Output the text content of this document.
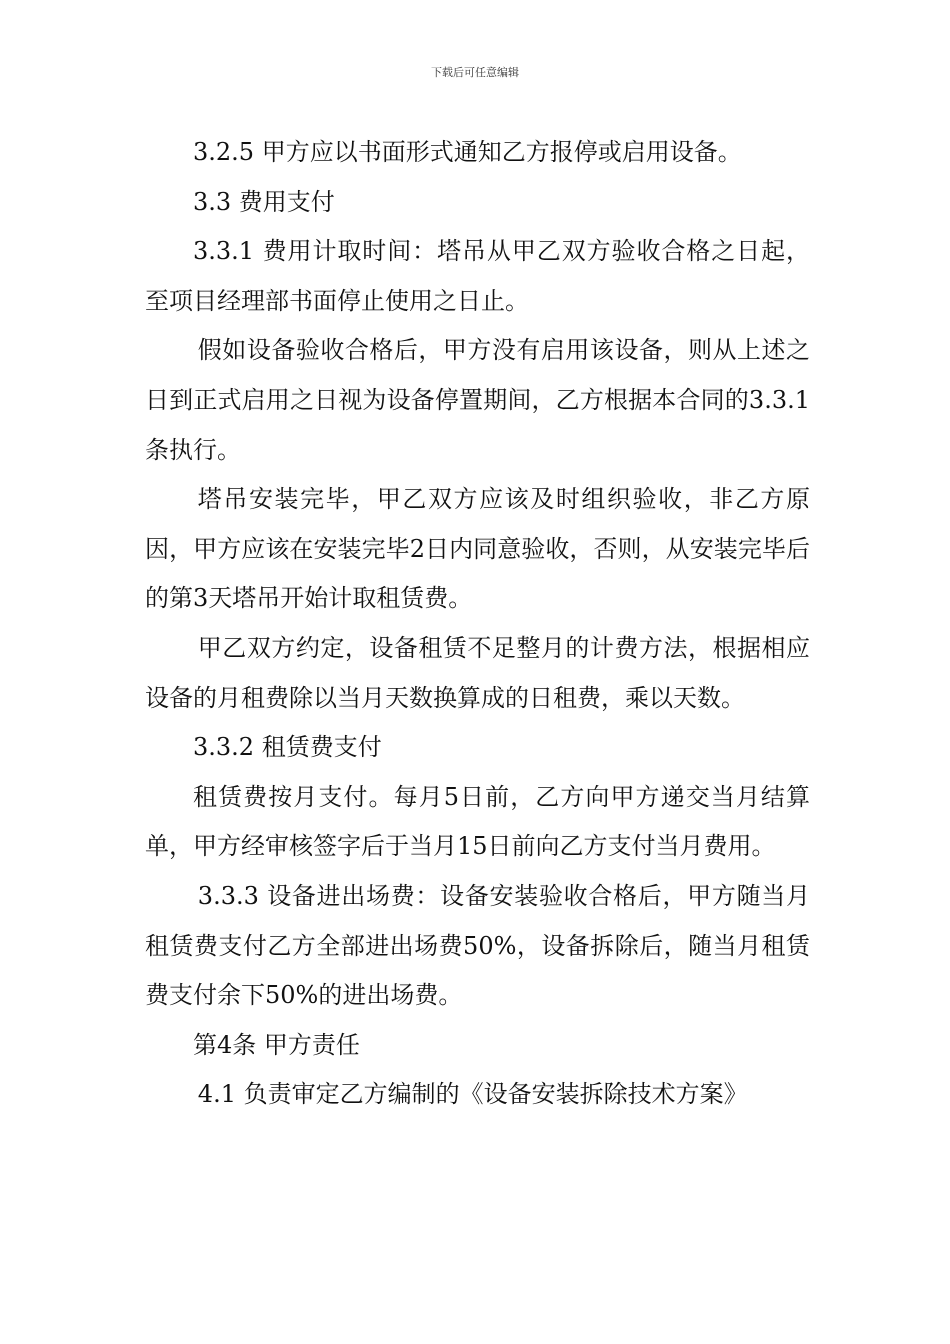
下载后可任意编辑

3.2.5 甲方应以书面形式通知乙方报停或启用设备。

3.3 费用支付

3.3.1 费用计取时间：塔吊从甲乙双方验收合格之日起，至项目经理部书面停止使用之日止。

假如设备验收合格后，甲方没有启用该设备，则从上述之日到正式启用之日视为设备停置期间，乙方根据本合同的3.3.1条执行。

塔吊安装完毕，甲乙双方应该及时组织验收，非乙方原因，甲方应该在安装完毕2日内同意验收，否则，从安装完毕后的第3天塔吊开始计取租赁费。

甲乙双方约定，设备租赁不足整月的计费方法，根据相应设备的月租费除以当月天数换算成的日租费，乘以天数。

3.3.2 租赁费支付

租赁费按月支付。每月5日前，乙方向甲方递交当月结算单，甲方经审核签字后于当月15日前向乙方支付当月费用。

3.3.3 设备进出场费：设备安装验收合格后，甲方随当月租赁费支付乙方全部进出场费50%，设备拆除后，随当月租赁费支付余下50%的进出场费。

第4条 甲方责任

4.1 负责审定乙方编制的《设备安装拆除技术方案》
